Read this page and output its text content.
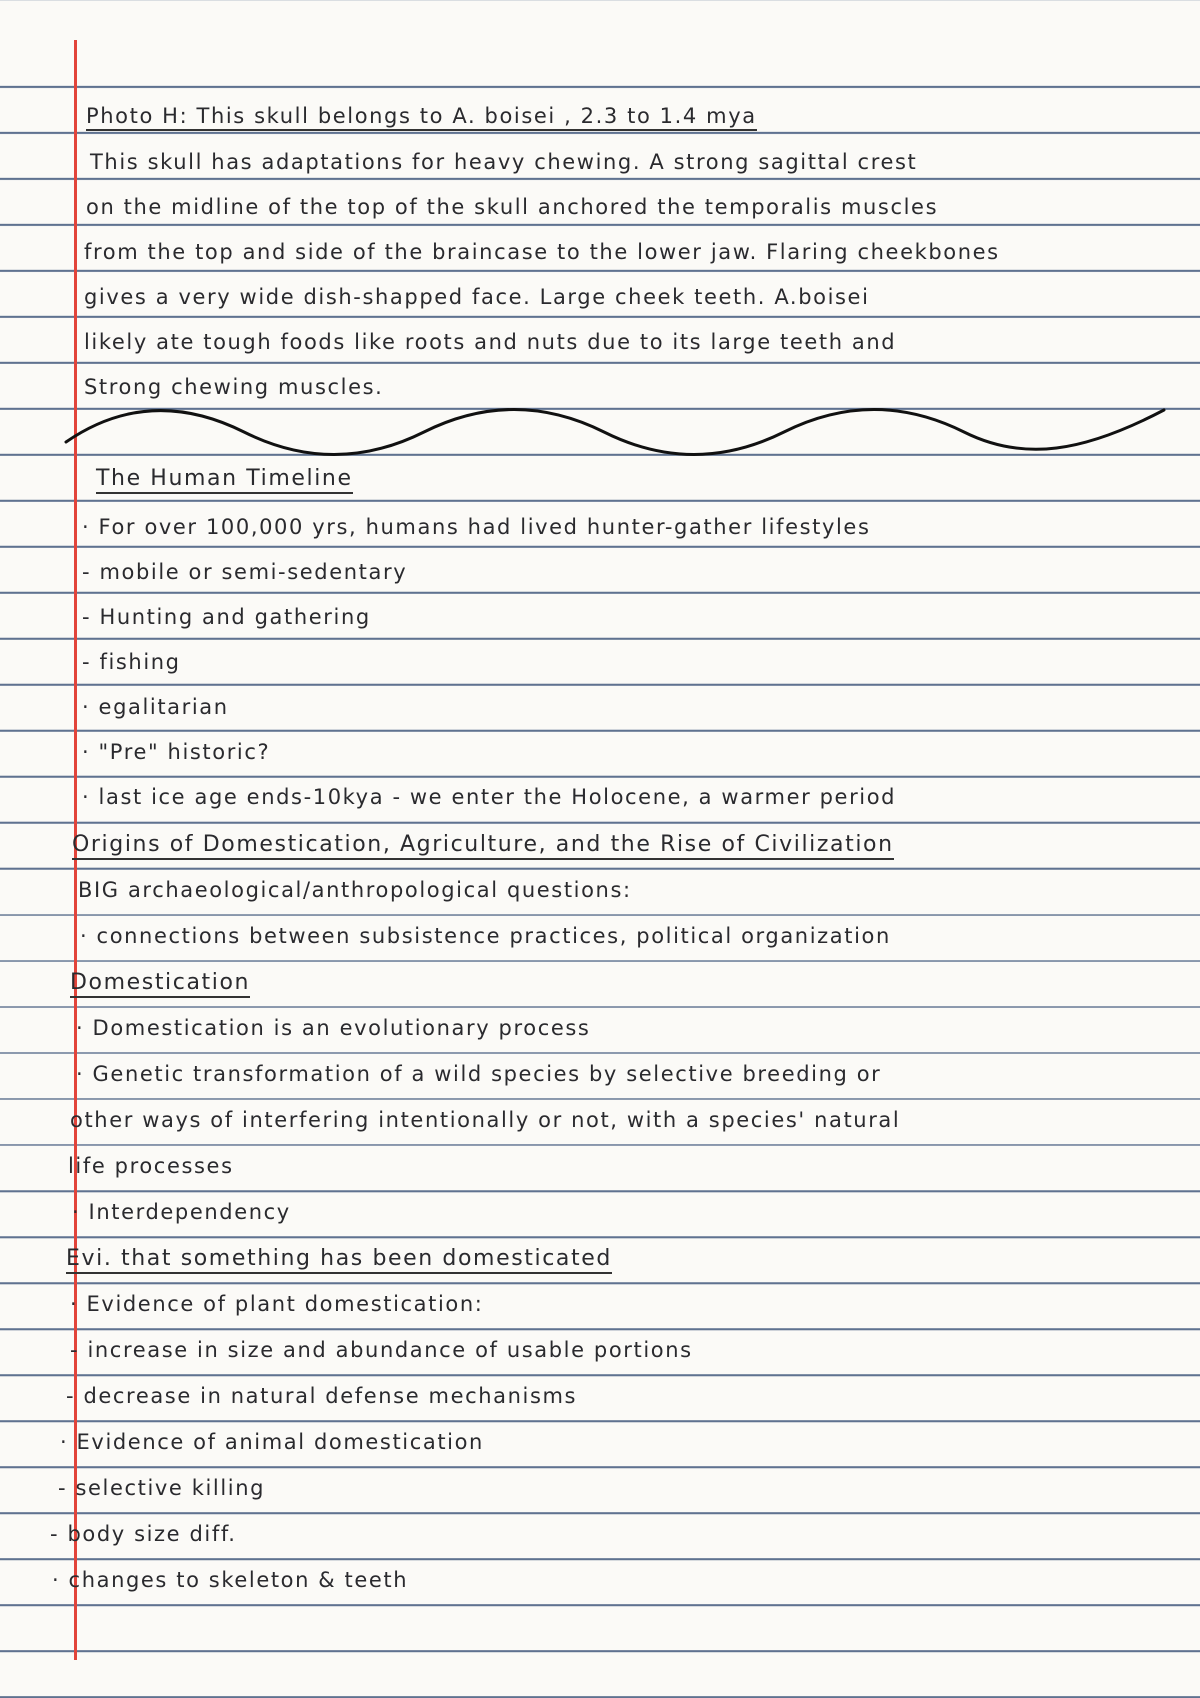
Photo H: This skull belongs to A. boisei , 2.3 to 1.4 mya

This skull has adaptations for heavy chewing. A strong sagittal crest

on the midline of the top of the skull anchored the temporalis muscles

from the top and side of the braincase to the lower jaw. Flaring cheekbones

gives a very wide dish-shapped face. Large cheek teeth. A.boisei

likely ate tough foods like roots and nuts due to its large teeth and

Strong chewing muscles.

The Human Timeline

· For over 100,000 yrs, humans had lived hunter-gather lifestyles

- mobile or semi-sedentary

- Hunting and gathering

- fishing

· egalitarian

· "Pre" historic?

· last ice age ends-10kya - we enter the Holocene, a warmer period

Origins of Domestication, Agriculture, and the Rise of Civilization

BIG archaeological/anthropological questions:

· connections between subsistence practices, political organization

Domestication

· Domestication is an evolutionary process

· Genetic transformation of a wild species by selective breeding or

other ways of interfering intentionally or not, with a species' natural

life processes

· Interdependency

Evi. that something has been domesticated

· Evidence of plant domestication:

- increase in size and abundance of usable portions

- decrease in natural defense mechanisms

· Evidence of animal domestication

- selective killing

- body size diff.

· changes to skeleton & teeth
